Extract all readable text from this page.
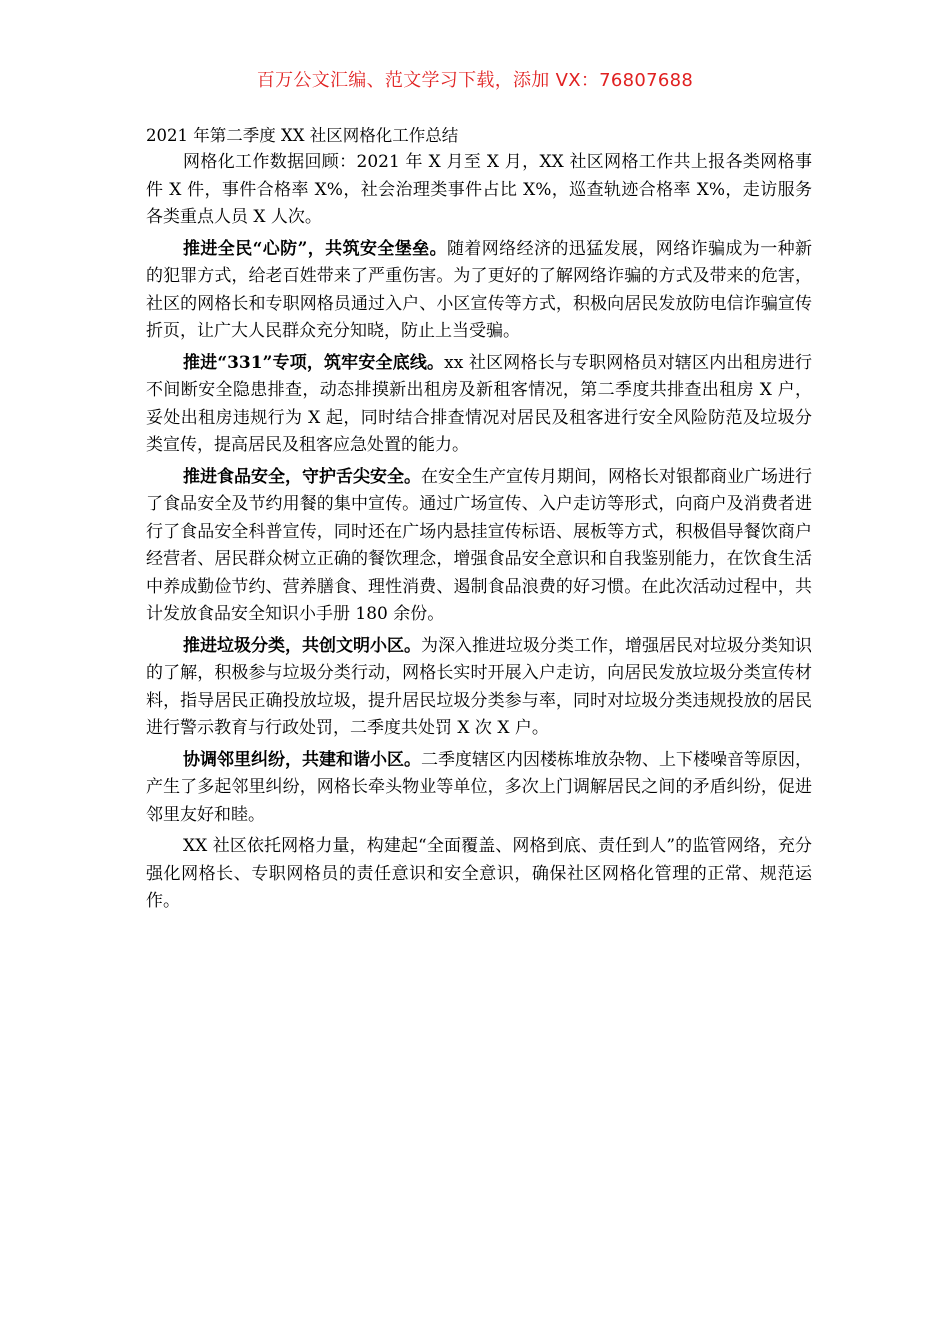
百万公文汇编、范文学习下载，添加 VX：76807688
2021 年第二季度 XX 社区网格化工作总结

网格化工作数据回顾：2021 年 X 月至 X 月，XX 社区网格工作共上报各类网格事件 X 件，事件合格率 X%，社会治理类事件占比 X%，巡查轨迹合格率 X%，走访服务各类重点人员 X 人次。

推进全民“心防”，共筑安全堡垒。随着网络经济的迅猛发展，网络诈骗成为一种新的犯罪方式，给老百姓带来了严重伤害。为了更好的了解网络诈骗的方式及带来的危害，社区的网格长和专职网格员通过入户、小区宣传等方式，积极向居民发放防电信诈骗宣传折页，让广大人民群众充分知晓，防止上当受骗。

推进“331”专项，筑牢安全底线。xx 社区网格长与专职网格员对辖区内出租房进行不间断安全隐患排查，动态排摸新出租房及新租客情况，第二季度共排查出租房 X 户，妥处出租房违规行为 X 起，同时结合排查情况对居民及租客进行安全风险防范及垃圾分类宣传，提高居民及租客应急处置的能力。

推进食品安全，守护舌尖安全。在安全生产宣传月期间，网格长对银都商业广场进行了食品安全及节约用餐的集中宣传。通过广场宣传、入户走访等形式，向商户及消费者进行了食品安全科普宣传，同时还在广场内悬挂宣传标语、展板等方式，积极倡导餐饮商户经营者、居民群众树立正确的餐饮理念，增强食品安全意识和自我鉴别能力，在饮食生活中养成勤俭节约、营养膳食、理性消费、遏制食品浪费的好习惯。在此次活动过程中，共计发放食品安全知识小手册 180 余份。

推进垃圾分类，共创文明小区。为深入推进垃圾分类工作，增强居民对垃圾分类知识的了解，积极参与垃圾分类行动，网格长实时开展入户走访，向居民发放垃圾分类宣传材料，指导居民正确投放垃圾，提升居民垃圾分类参与率，同时对垃圾分类违规投放的居民进行警示教育与行政处罚，二季度共处罚 X 次 X 户。

协调邻里纠纷，共建和谐小区。二季度辖区内因楼栋堆放杂物、上下楼噪音等原因，产生了多起邻里纠纷，网格长牵头物业等单位，多次上门调解居民之间的矛盾纠纷，促进邻里友好和睦。

XX 社区依托网格力量，构建起“全面覆盖、网格到底、责任到人”的监管网络，充分强化网格长、专职网格员的责任意识和安全意识，确保社区网格化管理的正常、规范运作。
